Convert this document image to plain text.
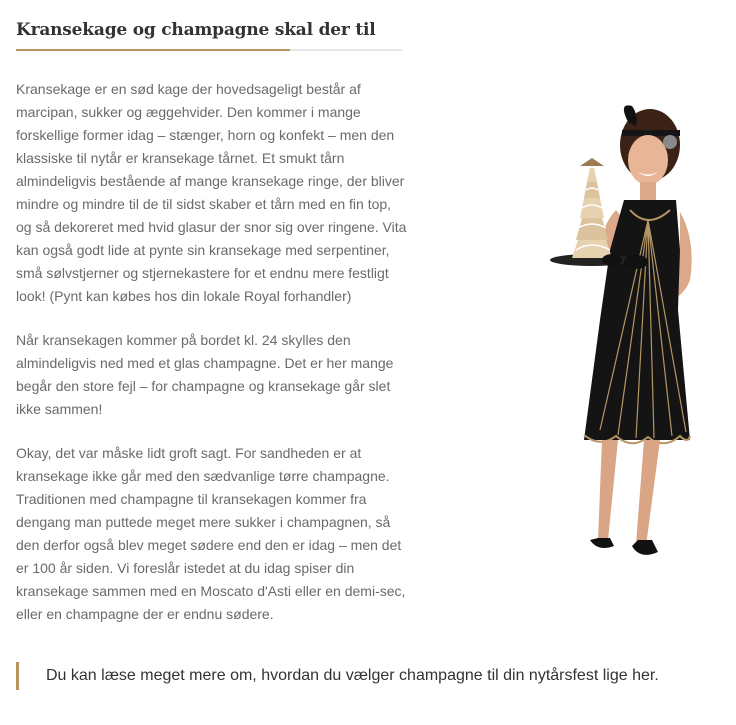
Kransekage og champagne skal der til

Kransekage er en sød kage der hovedsageligt består af marcipan, sukker og æggehvider. Den kommer i mange forskellige former idag – stænger, horn og konfekt – men den klassiske til nytår er kransekage tårnet. Et smukt tårn almindeligvis bestående af mange kransekage ringe, der bliver mindre og mindre til de til sidst skaber et tårn med en fin top, og så dekoreret med hvid glasur der snor sig over ringene. Vita kan også godt lide at pynte sin kransekage med serpentiner, små sølvstjerner og stjernekastere for et endnu mere festligt look! (Pynt kan købes hos din lokale Royal forhandler)

Når kransekagen kommer på bordet kl. 24 skylles den almindeligvis ned med et glas champagne. Det er her mange begår den store fejl – for champagne og kransekage går slet ikke sammen!

Okay, det var måske lidt groft sagt. For sandheden er at kransekage ikke går med den sædvanlige tørre champagne. Traditionen med champagne til kransekagen kommer fra dengang man puttede meget mere sukker i champagnen, så den derfor også blev meget sødere end den er idag – men det er 100 år siden. Vi foreslår istedet at du idag spiser din kransekage sammen med en Moscato d'Asti eller en demi-sec, eller en champagne der er endnu sødere.

Du kan læse meget mere om, hvordan du vælger champagne til din nytårsfest lige her.
